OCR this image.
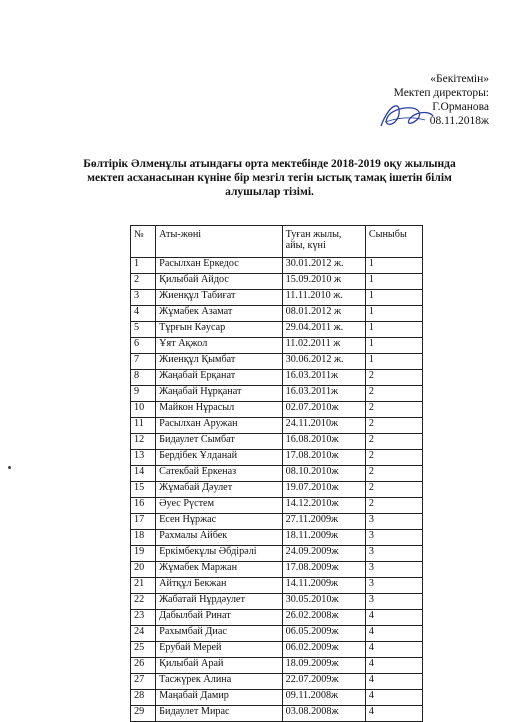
«Бекітемін»
Мектеп директоры:
Г.Орманова
08.11.2018ж
Бөлтірік Әлменұлы атындағы орта мектебінде 2018-2019 оқу жылында
мектеп асханасынан күніне бір мезгіл тегін ыстық тамақ ішетін білім
алушылар тізімі.
№	Аты-жөні	Туған жылы, айы, күні	Сыныбы
1	Расылхан Еркедос	30.01.2012 ж.	1
2	Қилыбай Айдос	15.09.2010 ж	1
3	Жиенқұл Табиғат	11.11.2010 ж.	1
4	Жұмабек Азамат	08.01.2012 ж	1
5	Тұрғын Кәусар	29.04.2011 ж.	1
6	Ұят Ақжол	11.02.2011 ж	1
7	Жиенқұл Қымбат	30.06.2012 ж.	1
8	Жаңабай Ерқанат	16.03.2011ж	2
9	Жаңабай Нұрқанат	16.03.2011ж	2
10	Майкон Нұрасыл	02.07.2010ж	2
11	Расылхан Аружан	24.11.2010ж	2
12	Бидаулет Сымбат	16.08.2010ж	2
13	Бердібек Ұлданай	17.08.2010ж	2
14	Сатекбай Еркеназ	08.10.2010ж	2
15	Жұмабай Дәулет	19.07.2010ж	2
16	Әуес Рүстем	14.12.2010ж	2
17	Есен Нұржас	27.11.2009ж	3
18	Рахмалы Айбек	18.11.2009ж	3
19	Еркімбекұлы Әбдірәлі	24.09.2009ж	3
20	Жұмабек Маржан	17.08.2009ж	3
21	Айтқұл Бекжан	14.11.2009ж	3
22	Жабатай Нұрдәулет	30.05.2010ж	3
23	Дабылбай Ринат	26.02.2008ж	4
24	Рахымбай Диас	06.05.2009ж	4
25	Ерубай Мерей	06.02.2009ж	4
26	Қилыбай Арай	18.09.2009ж	4
27	Тасжүрек Алина	22.07.2009ж	4
28	Маңабай Дамир	09.11.2008ж	4
29	Бидаулет Мирас	03.08.2008ж	4
